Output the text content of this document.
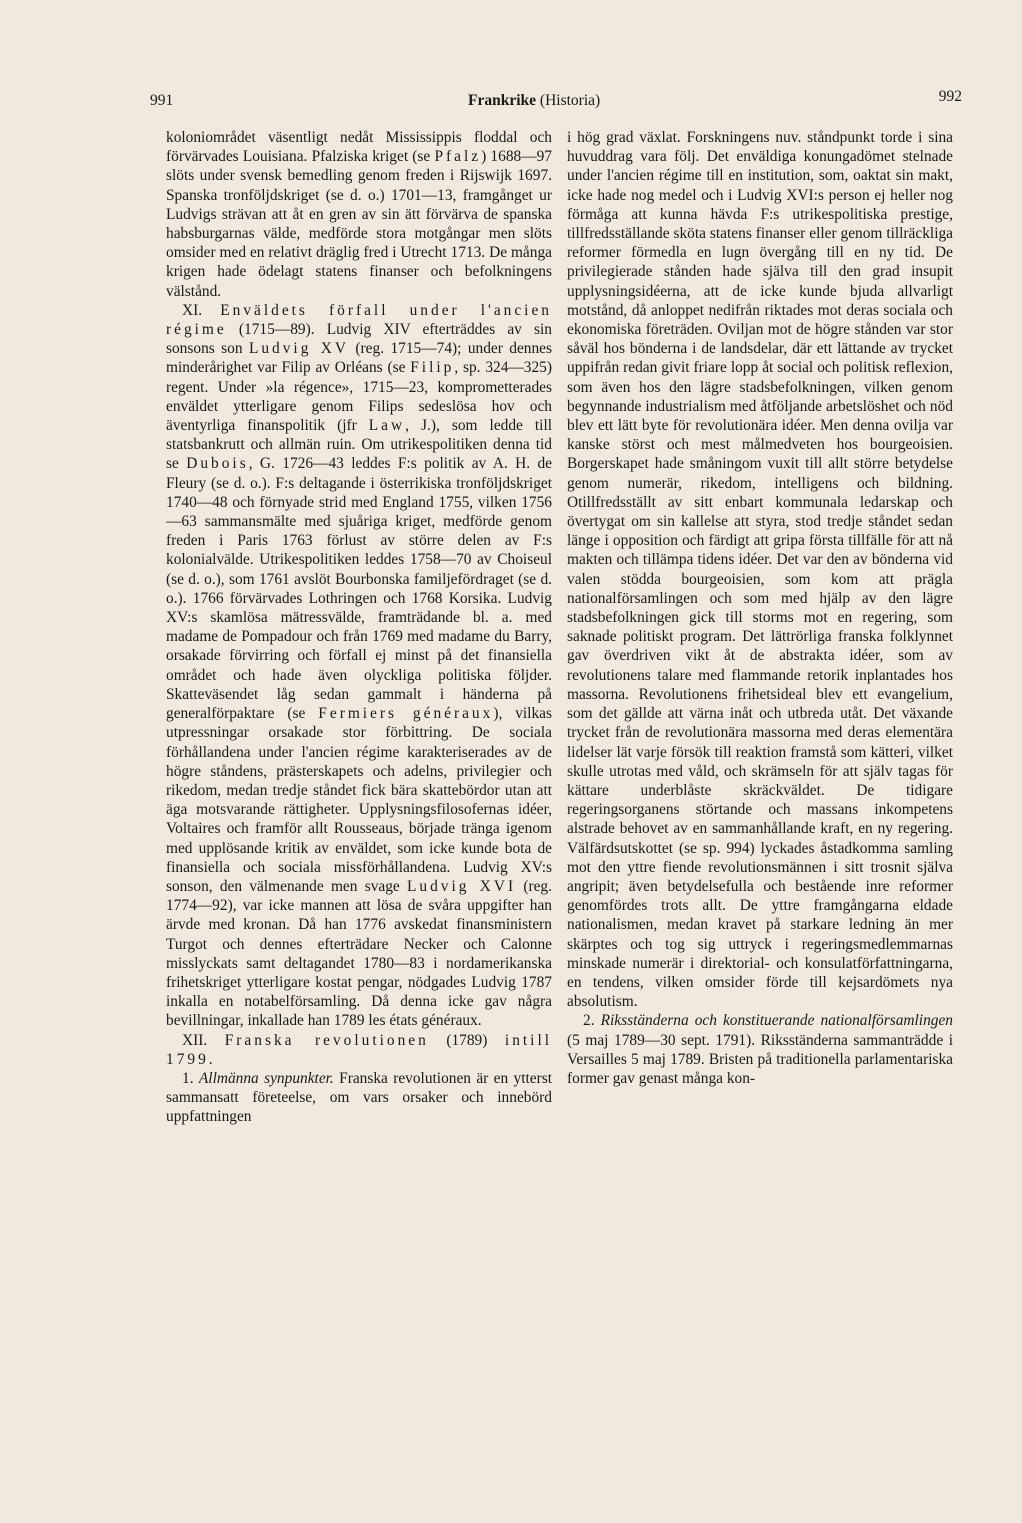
991	Frankrike (Historia)	992

koloniområdet väsentligt nedåt Mississippis floddal och förvärvades Louisiana. Pfalziska kriget (se Pfalz) 1688—97 slöts under svensk bemedling genom freden i Rijswijk 1697. Spanska tronföljdskriget (se d. o.) 1701—13, framgånget ur Ludvigs strävan att åt en gren av sin ätt förvärva de spanska habsburgarnas välde, medförde stora motgångar men slöts omsider med en relativt dräglig fred i Utrecht 1713. De många krigen hade ödelagt statens finanser och befolkningens välstånd.

XI. Enväldets förfall under l'ancien régime (1715—89). Ludvig XIV efterträddes av sin sonsons son Ludvig XV (reg. 1715—74); under dennes minderårighet var Filip av Orléans (se Filip, sp. 324—325) regent. Under »la régence», 1715—23, komprometterades enväldet ytterligare genom Filips sedeslösa hov och äventyrliga finanspolitik (jfr Law, J.), som ledde till statsbankrutt och allmän ruin. Om utrikespolitiken denna tid se Dubois, G. 1726—43 leddes F:s politik av A. H. de Fleury (se d. o.). F:s deltagande i österrikiska tronföljdskriget 1740—48 och förnyade strid med England 1755, vilken 1756—63 sammansmälte med sjuåriga kriget, medförde genom freden i Paris 1763 förlust av större delen av F:s kolonialvälde. Utrikespolitiken leddes 1758—70 av Choiseul (se d. o.), som 1761 avslöt Bourbonska familjefördraget (se d. o.). 1766 förvärvades Lothringen och 1768 Korsika. Ludvig XV:s skamlösa mätressvälde, framträdande bl. a. med madame de Pompadour och från 1769 med madame du Barry, orsakade förvirring och förfall ej minst på det finansiella området och hade även olyckliga politiska följder. Skatteväsendet låg sedan gammalt i händerna på generalförpaktare (se Fermiers généraux), vilkas utpressningar orsakade stor förbittring. De sociala förhållandena under l'ancien régime karakteriserades av de högre ståndens, prästerskapets och adelns, privilegier och rikedom, medan tredje ståndet fick bära skattebördor utan att äga motsvarande rättigheter. Upplysningsfilosofernas idéer, Voltaires och framför allt Rousseaus, började tränga igenom med upplösande kritik av enväldet, som icke kunde bota de finansiella och sociala missförhållandena. Ludvig XV:s sonson, den välmenande men svage Ludvig XVI (reg. 1774—92), var icke mannen att lösa de svåra uppgifter han ärvde med kronan. Då han 1776 avskedat finansministern Turgot och dennes efterträdare Necker och Calonne misslyckats samt deltagandet 1780—83 i nordamerikanska frihetskriget ytterligare kostat pengar, nödgades Ludvig 1787 inkalla en notabelförsamling. Då denna icke gav några bevillningar, inkallade han 1789 les états généraux.

XII. Franska revolutionen (1789) intill 1799.

1. Allmänna synpunkter. Franska revolutionen är en ytterst sammansatt företeelse, om vars orsaker och innebörd uppfattningen

i hög grad växlat. Forskningens nuv. ståndpunkt torde i sina huvuddrag vara följ. Det enväldiga konungadömet stelnade under l'ancien régime till en institution, som, oaktat sin makt, icke hade nog medel och i Ludvig XVI:s person ej heller nog förmåga att kunna hävda F:s utrikespolitiska prestige, tillfredsställande sköta statens finanser eller genom tillräckliga reformer förmedla en lugn övergång till en ny tid. De privilegierade stånden hade själva till den grad insupit upplysningsidéerna, att de icke kunde bjuda allvarligt motstånd, då anloppet nedifrån riktades mot deras sociala och ekonomiska företräden. Oviljan mot de högre stånden var stor såväl hos bönderna i de landsdelar, där ett lättande av trycket uppifrån redan givit friare lopp åt social och politisk reflexion, som även hos den lägre stadsbefolkningen, vilken genom begynnande industrialism med åtföljande arbetslöshet och nöd blev ett lätt byte för revolutionära idéer. Men denna ovilja var kanske störst och mest målmedveten hos bourgeoisien. Borgerskapet hade småningom vuxit till allt större betydelse genom numerär, rikedom, intelligens och bildning. Otillfredsställt av sitt enbart kommunala ledarskap och övertygat om sin kallelse att styra, stod tredje ståndet sedan länge i opposition och färdigt att gripa första tillfälle för att nå makten och tillämpa tidens idéer. Det var den av bönderna vid valen stödda bourgeoisien, som kom att prägla nationalförsamlingen och som med hjälp av den lägre stadsbefolkningen gick till storms mot en regering, som saknade politiskt program. Det lättrörliga franska folklynnet gav överdriven vikt åt de abstrakta idéer, som av revolutionens talare med flammande retorik inplantades hos massorna. Revolutionens frihetsideal blev ett evangelium, som det gällde att värna inåt och utbreda utåt. Det växande trycket från de revolutionära massorna med deras elementära lidelser lät varje försök till reaktion framstå som kätteri, vilket skulle utrotas med våld, och skrämseln för att själv tagas för kättare underblåste skräckväldet. De tidigare regeringsorganens störtande och massans inkompetens alstrade behovet av en sammanhållande kraft, en ny regering. Välfärdsutskottet (se sp. 994) lyckades åstadkomma samling mot den yttre fiende revolutionsmännen i sitt trosnit själva angripit; även betydelsefulla och bestående inre reformer genomfördes trots allt. De yttre framgångarna eldade nationalismen, medan kravet på starkare ledning än mer skärptes och tog sig uttryck i regeringsmedlemmarnas minskade numerär i direktorial- och konsulatförfattningarna, en tendens, vilken omsider förde till kejsardömets nya absolutism.

2. Riksständerna och konstituerande nationalförsamlingen (5 maj 1789—30 sept. 1791). Riksständerna sammanträdde i Versailles 5 maj 1789. Bristen på traditionella parlamentariska former gav genast många kon-
